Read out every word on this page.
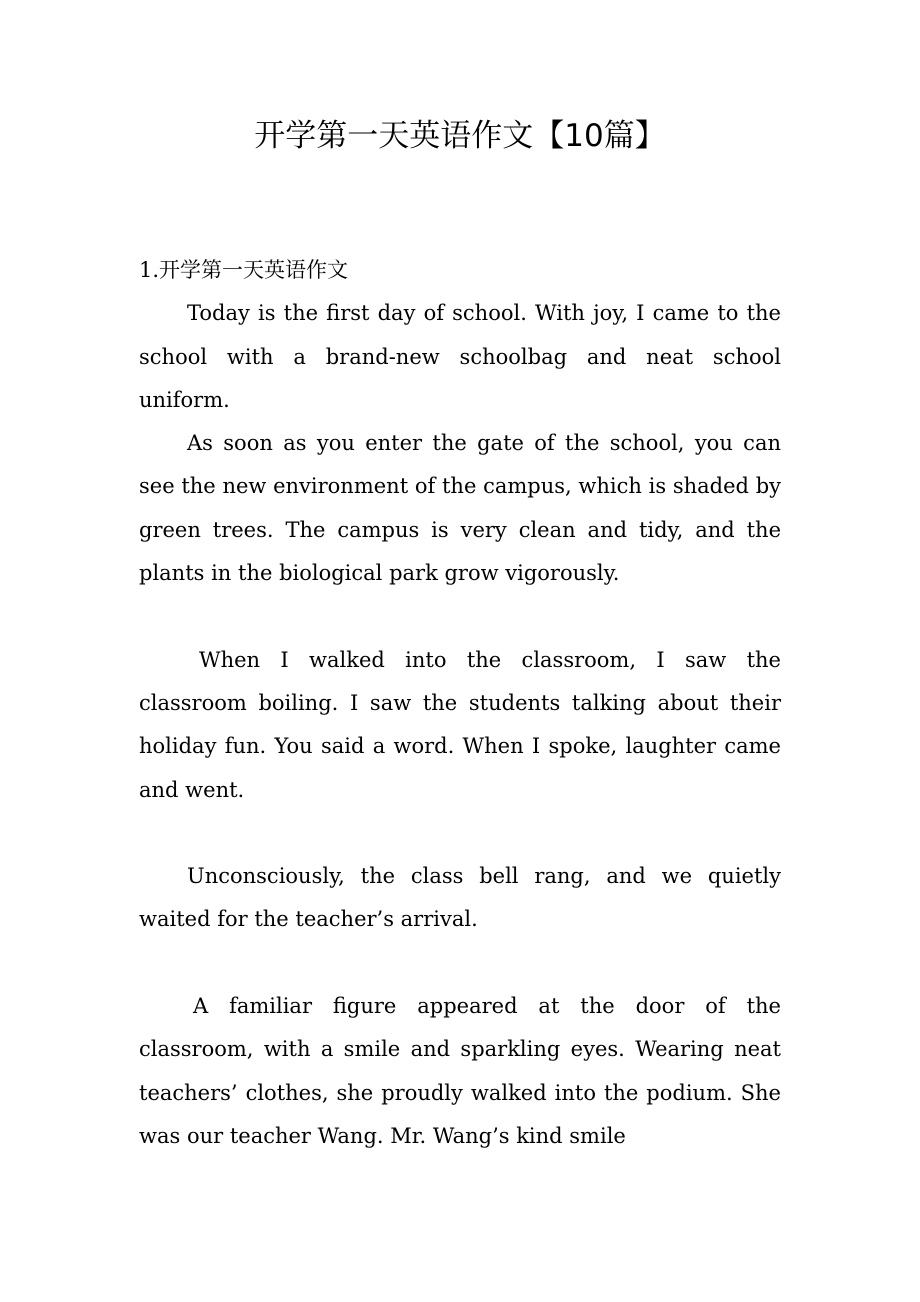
开学第一天英语作文【10篇】
1.开学第一天英语作文

Today is the first day of school. With joy, I came to the school with a brand-new schoolbag and neat school uniform.

As soon as you enter the gate of the school, you can see the new environment of the campus, which is shaded by green trees. The campus is very clean and tidy, and the plants in the biological park grow vigorously.

When I walked into the classroom, I saw the classroom boiling. I saw the students talking about their holiday fun. You said a word. When I spoke, laughter came and went.

Unconsciously, the class bell rang, and we quietly waited for the teacher’s arrival.

A familiar figure appeared at the door of the classroom, with a smile and sparkling eyes. Wearing neat teachers’ clothes, she proudly walked into the podium. She was our teacher Wang. Mr. Wang’s kind smile
